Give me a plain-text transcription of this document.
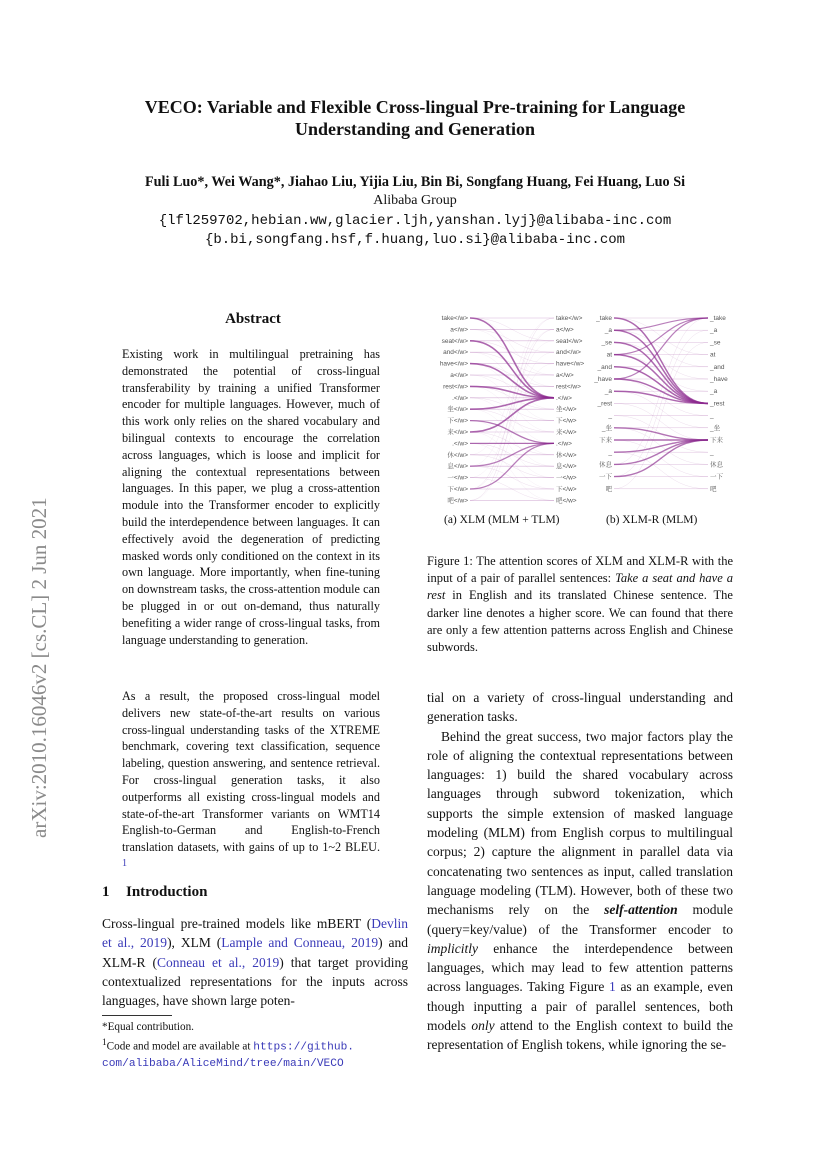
VECO: Variable and Flexible Cross-lingual Pre-training for Language
Understanding and Generation
Fuli Luo*, Wei Wang*, Jiahao Liu, Yijia Liu, Bin Bi, Songfang Huang, Fei Huang, Luo Si
Alibaba Group
{lfl259702,hebian.ww,glacier.ljh,yanshan.lyj}@alibaba-inc.com
{b.bi,songfang.hsf,f.huang,luo.si}@alibaba-inc.com
arXiv:2010.16046v2 [cs.CL] 2 Jun 2021
Abstract
Existing work in multilingual pretraining has demonstrated the potential of cross-lingual transferability by training a unified Transformer encoder for multiple languages. However, much of this work only relies on the shared vocabulary and bilingual contexts to encourage the correlation across languages, which is loose and implicit for aligning the contextual representations between languages. In this paper, we plug a cross-attention module into the Transformer encoder to explicitly build the interdependence between languages. It can effectively avoid the degeneration of predicting masked words only conditioned on the context in its own language. More importantly, when fine-tuning on downstream tasks, the cross-attention module can be plugged in or out on-demand, thus naturally benefiting a wider range of cross-lingual tasks, from language understanding to generation.
As a result, the proposed cross-lingual model delivers new state-of-the-art results on various cross-lingual understanding tasks of the XTREME benchmark, covering text classification, sequence labeling, question answering, and sentence retrieval. For cross-lingual generation tasks, it also outperforms all existing cross-lingual models and state-of-the-art Transformer variants on WMT14 English-to-German and English-to-French translation datasets, with gains of up to 1~2 BLEU. $^1$
1 Introduction
Cross-lingual pre-trained models like mBERT (Devlin et al., 2019), XLM (Lample and Conneau, 2019) and XLM-R (Conneau et al., 2019) that target providing contextualized representations for the inputs across languages, have shown large poten-
*Equal contribution.
$^1$Code and model are available at https://github.
com/alibaba/AliceMind/tree/main/VECO
take</w>
a</w>
seat</w>
and</w>
have</w>
a</w>
rest</w>
.</w>
坐</w>
下</w>
来</w>
.</w>
休</w>
息</w>
一</w>
下</w>
吧</w>
take</w>
a</w>
seat</w>
and</w>
have</w>
a</w>
rest</w>
.</w>
坐</w>
下</w>
来</w>
.</w>
休</w>
息</w>
一</w>
下</w>
吧</w>
_take
_a
_se
at
_and
_have
_a
_rest
_
_坐
下来
_
休息
一下
吧
_take
_a
_se
at
_and
_have
_a
_rest
_
_坐
下来
_
休息
一下
吧
(a) XLM (MLM + TLM)	(b) XLM-R (MLM)
Figure 1: The attention scores of XLM and XLM-R with the input of a pair of parallel sentences: Take a seat and have a rest in English and its translated Chinese sentence. The darker line denotes a higher score. We can found that there are only a few attention patterns across English and Chinese subwords.

tial on a variety of cross-lingual understanding and generation tasks.

Behind the great success, two major factors play the role of aligning the contextual representations between languages: 1) build the shared vocabulary across languages through subword tokenization, which supports the simple extension of masked language modeling (MLM) from English corpus to multilingual corpus; 2) capture the alignment in parallel data via concatenating two sentences as input, called translation language modeling (TLM). However, both of these two mechanisms rely on the self-attention module (query=key/value) of the Transformer encoder to implicitly enhance the interdependence between languages, which may lead to few attention patterns across languages. Taking Figure 1 as an example, even though inputting a pair of parallel sentences, both models only attend to the English context to build the representation of English tokens, while ignoring the se-
